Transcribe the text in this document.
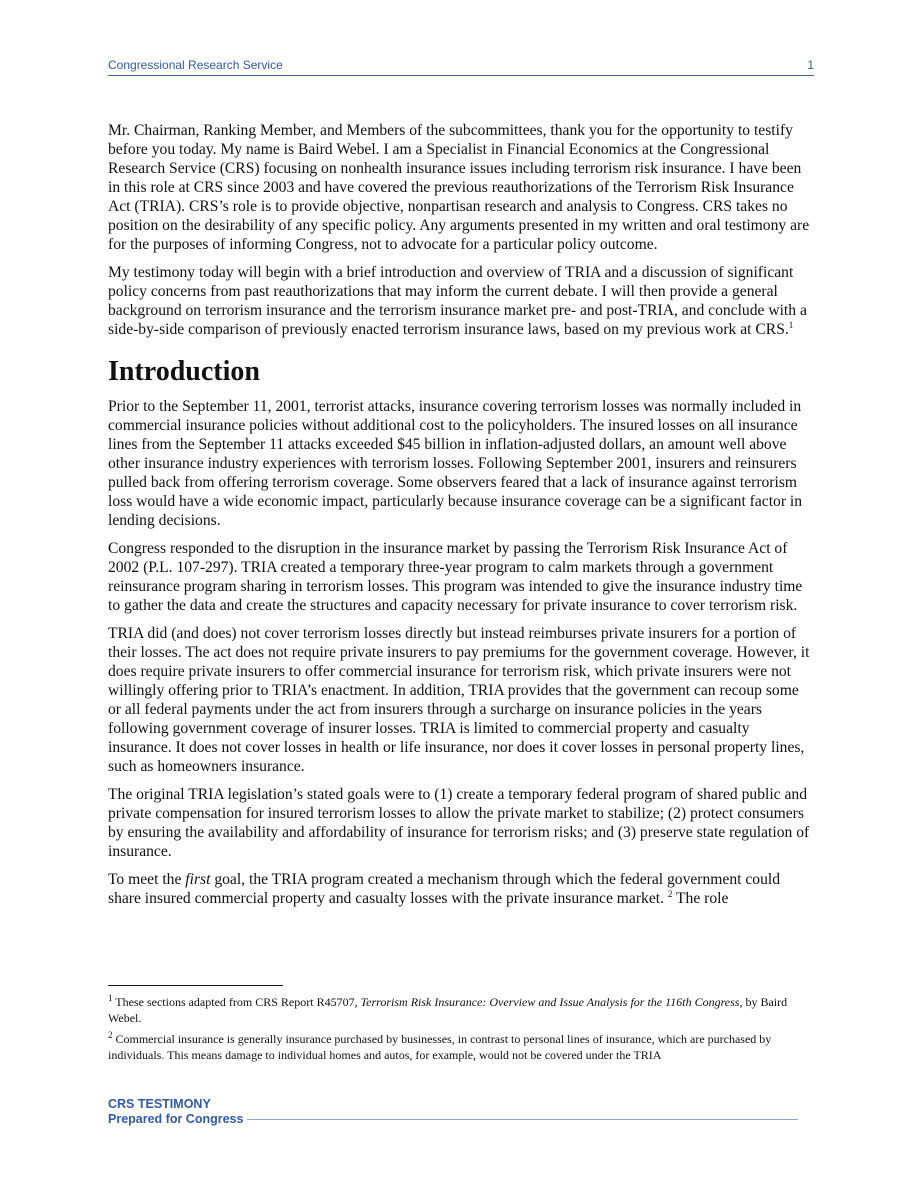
Congressional Research Service	1

Mr. Chairman, Ranking Member, and Members of the subcommittees, thank you for the opportunity to testify before you today. My name is Baird Webel. I am a Specialist in Financial Economics at the Congressional Research Service (CRS) focusing on nonhealth insurance issues including terrorism risk insurance. I have been in this role at CRS since 2003 and have covered the previous reauthorizations of the Terrorism Risk Insurance Act (TRIA). CRS’s role is to provide objective, nonpartisan research and analysis to Congress. CRS takes no position on the desirability of any specific policy. Any arguments presented in my written and oral testimony are for the purposes of informing Congress, not to advocate for a particular policy outcome.

My testimony today will begin with a brief introduction and overview of TRIA and a discussion of significant policy concerns from past reauthorizations that may inform the current debate. I will then provide a general background on terrorism insurance and the terrorism insurance market pre- and post-TRIA, and conclude with a side-by-side comparison of previously enacted terrorism insurance laws, based on my previous work at CRS.$^1$

Introduction

Prior to the September 11, 2001, terrorist attacks, insurance covering terrorism losses was normally included in commercial insurance policies without additional cost to the policyholders. The insured losses on all insurance lines from the September 11 attacks exceeded $45 billion in inflation-adjusted dollars, an amount well above other insurance industry experiences with terrorism losses. Following September 2001, insurers and reinsurers pulled back from offering terrorism coverage. Some observers feared that a lack of insurance against terrorism loss would have a wide economic impact, particularly because insurance coverage can be a significant factor in lending decisions.

Congress responded to the disruption in the insurance market by passing the Terrorism Risk Insurance Act of 2002 (P.L. 107-297). TRIA created a temporary three-year program to calm markets through a government reinsurance program sharing in terrorism losses. This program was intended to give the insurance industry time to gather the data and create the structures and capacity necessary for private insurance to cover terrorism risk.

TRIA did (and does) not cover terrorism losses directly but instead reimburses private insurers for a portion of their losses. The act does not require private insurers to pay premiums for the government coverage. However, it does require private insurers to offer commercial insurance for terrorism risk, which private insurers were not willingly offering prior to TRIA’s enactment. In addition, TRIA provides that the government can recoup some or all federal payments under the act from insurers through a surcharge on insurance policies in the years following government coverage of insurer losses. TRIA is limited to commercial property and casualty insurance. It does not cover losses in health or life insurance, nor does it cover losses in personal property lines, such as homeowners insurance.

The original TRIA legislation’s stated goals were to (1) create a temporary federal program of shared public and private compensation for insured terrorism losses to allow the private market to stabilize; (2) protect consumers by ensuring the availability and affordability of insurance for terrorism risks; and (3) preserve state regulation of insurance.

To meet the first goal, the TRIA program created a mechanism through which the federal government could share insured commercial property and casualty losses with the private insurance market. $^2$ The role

$^1$ These sections adapted from CRS Report R45707, Terrorism Risk Insurance: Overview and Issue Analysis for the 116th Congress, by Baird Webel.

$^2$ Commercial insurance is generally insurance purchased by businesses, in contrast to personal lines of insurance, which are purchased by individuals. This means damage to individual homes and autos, for example, would not be covered under the TRIA

CRS TESTIMONY
Prepared for Congress
